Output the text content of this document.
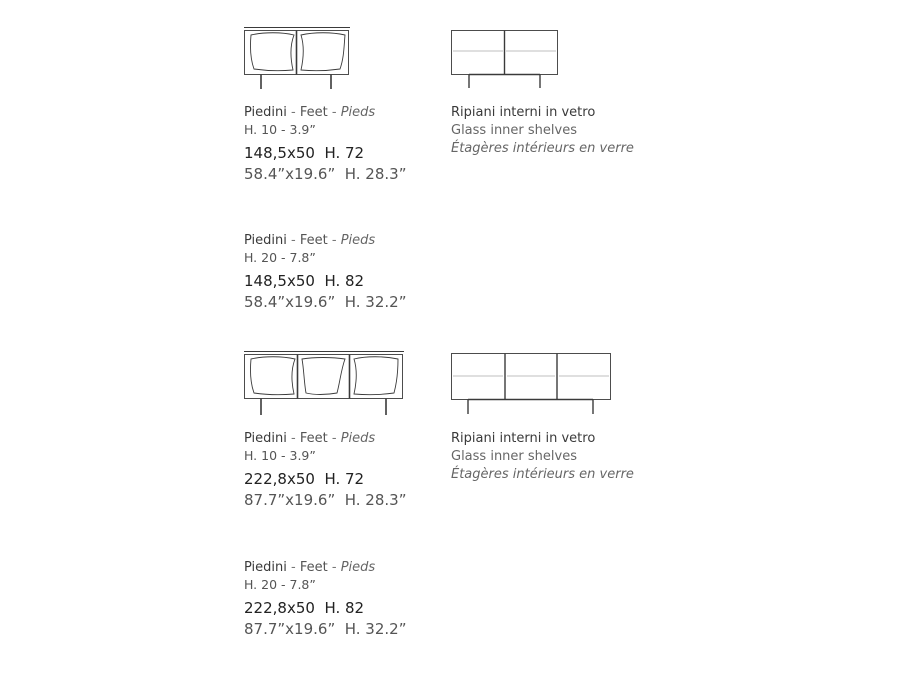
Piedini - Feet - Pieds
H. 10 - 3.9”
148,5x50  H. 72
58.4”x19.6”  H. 28.3”
Piedini - Feet - Pieds
H. 20 - 7.8”
148,5x50  H. 82
58.4”x19.6”  H. 32.2”
Piedini - Feet - Pieds
H. 10 - 3.9”
222,8x50  H. 72
87.7”x19.6”  H. 28.3”
Piedini - Feet - Pieds
H. 20 - 7.8”
222,8x50  H. 82
87.7”x19.6”  H. 32.2”
Ripiani interni in vetro
Glass inner shelves
Étagères intérieurs en verre
Ripiani interni in vetro
Glass inner shelves
Étagères intérieurs en verre
